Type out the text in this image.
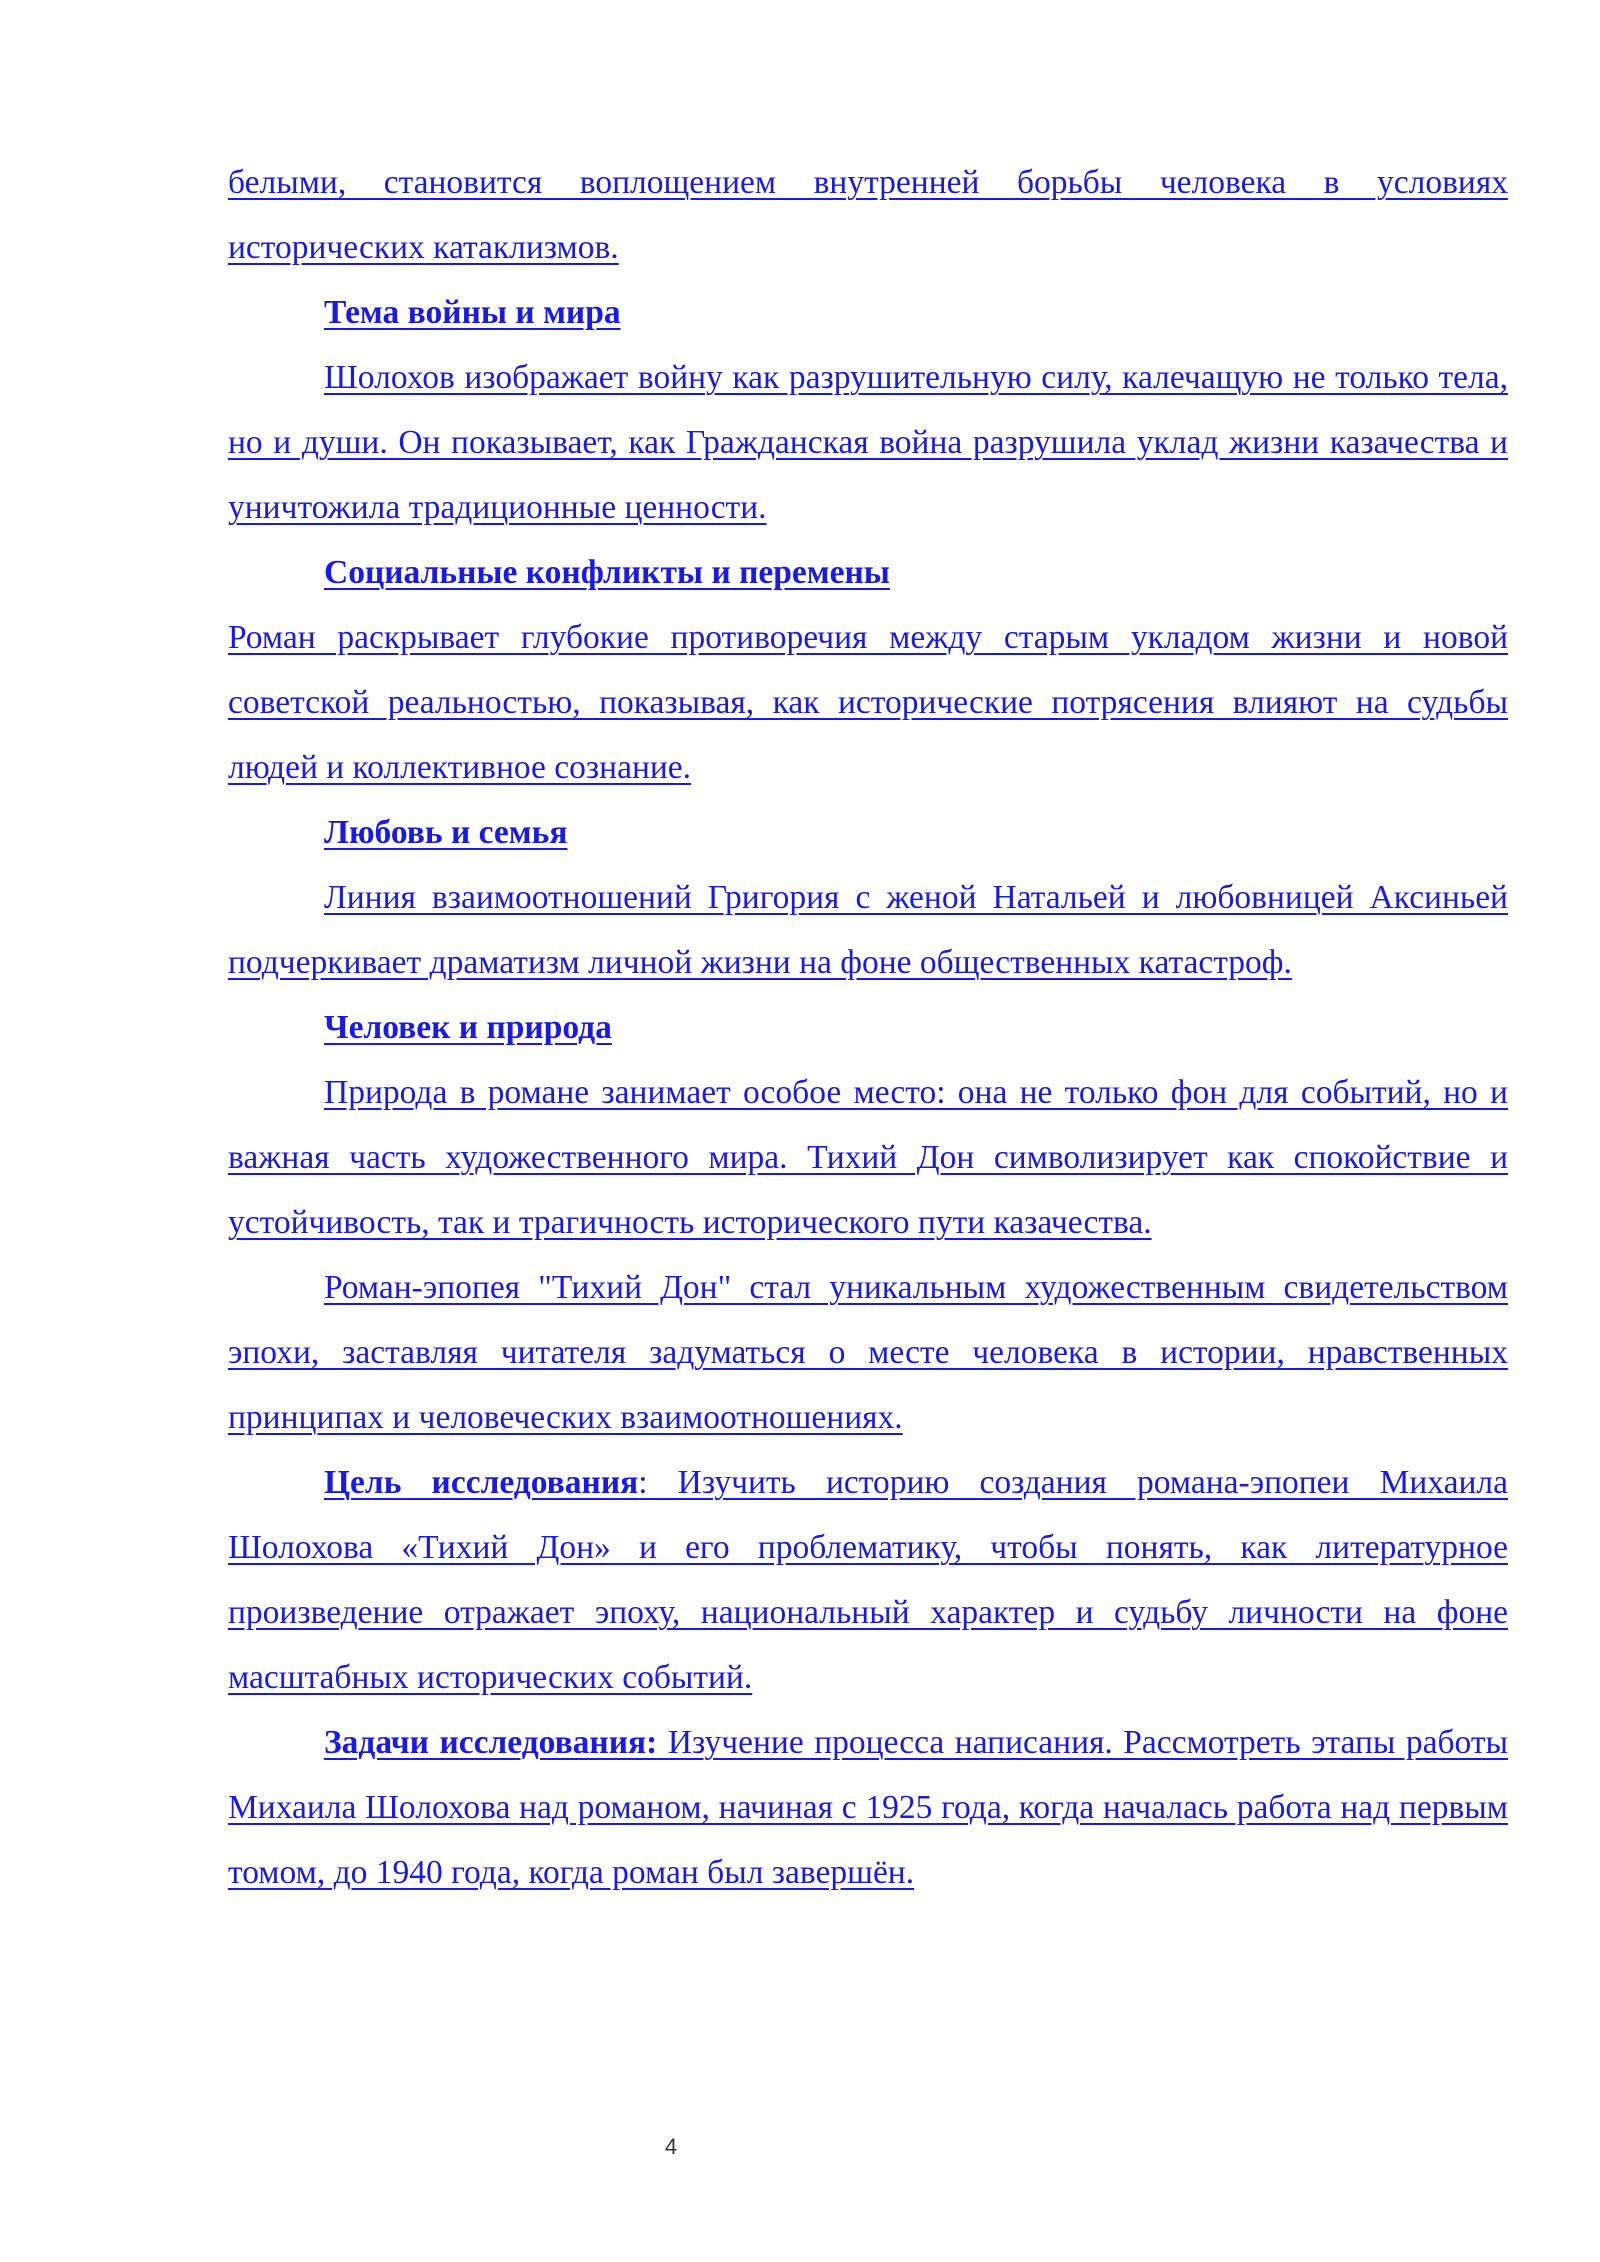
белыми, становится воплощением внутренней борьбы человека в условиях исторических катаклизмов.

Тема войны и мира

Шолохов изображает войну как разрушительную силу, калечащую не только тела, но и души. Он показывает, как Гражданская война разрушила уклад жизни казачества и уничтожила традиционные ценности.

Социальные конфликты и перемены

Роман раскрывает глубокие противоречия между старым укладом жизни и новой советской реальностью, показывая, как исторические потрясения влияют на судьбы людей и коллективное сознание.

Любовь и семья

Линия взаимоотношений Григория с женой Натальей и любовницей Аксиньей подчеркивает драматизм личной жизни на фоне общественных катастроф.

Человек и природа

Природа в романе занимает особое место: она не только фон для событий, но и важная часть художественного мира. Тихий Дон символизирует как спокойствие и устойчивость, так и трагичность исторического пути казачества.

Роман-эпопея "Тихий Дон" стал уникальным художественным свидетельством эпохи, заставляя читателя задуматься о месте человека в истории, нравственных принципах и человеческих взаимоотношениях.

Цель исследования: Изучить историю создания романа-эпопеи Михаила Шолохова «Тихий Дон» и его проблематику, чтобы понять, как литературное произведение отражает эпоху, национальный характер и судьбу личности на фоне масштабных исторических событий.

Задачи исследования: Изучение процесса написания. Рассмотреть этапы работы Михаила Шолохова над романом, начиная с 1925 года, когда началась работа над первым томом, до 1940 года, когда роман был завершён.

4
